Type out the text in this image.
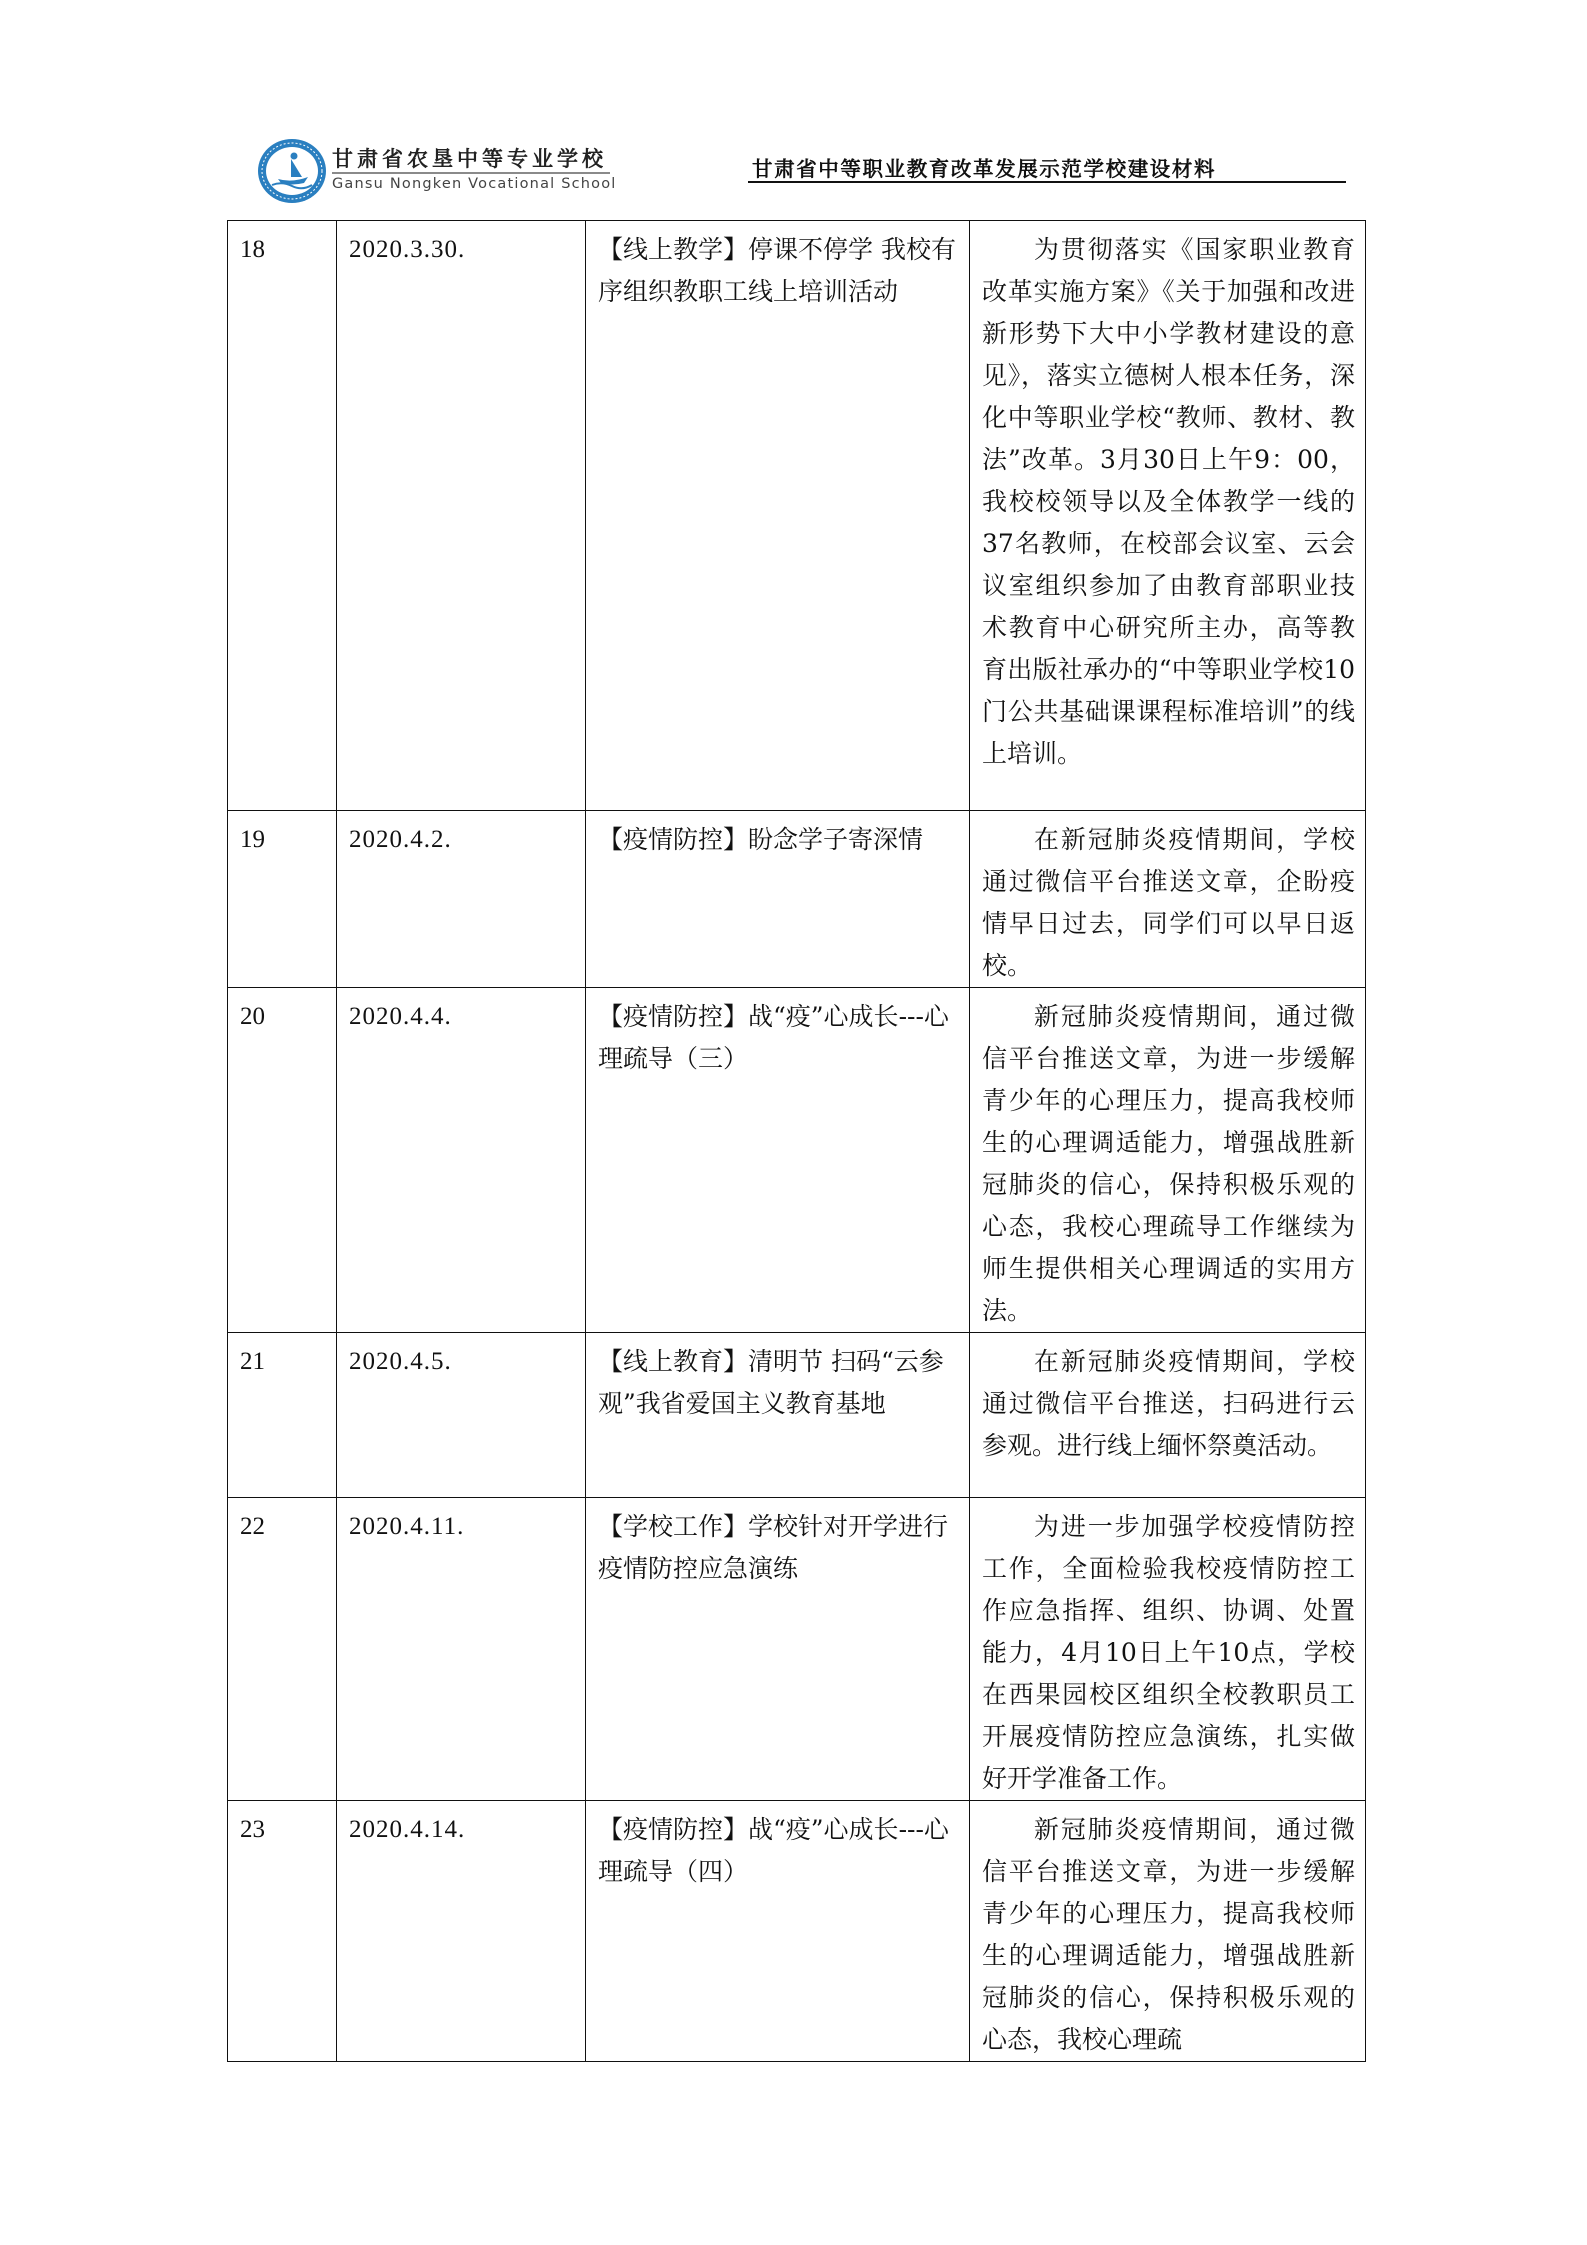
甘肃省农垦中等专业学校
Gansu Nongken Vocational School
甘肃省中等职业教育改革发展示范学校建设材料
18	2020.3.30.	【线上教学】停课不停学 我校有序组织教职工线上培训活动	为贯彻落实《国家职业教育改革实施方案》《关于加强和改进新形势下大中小学教材建设的意见》，落实立德树人根本任务，深化中等职业学校“教师、教材、教法”改革。3月30日上午9：00，我校校领导以及全体教学一线的37名教师，在校部会议室、云会议室组织参加了由教育部职业技术教育中心研究所主办，高等教育出版社承办的“中等职业学校10门公共基础课课程标准培训”的线上培训。
19	2020.4.2.	【疫情防控】盼念学子寄深情	在新冠肺炎疫情期间，学校通过微信平台推送文章，企盼疫情早日过去，同学们可以早日返校。
20	2020.4.4.	【疫情防控】战“疫”心成长---心理疏导（三）	新冠肺炎疫情期间，通过微信平台推送文章，为进一步缓解青少年的心理压力，提高我校师生的心理调适能力，增强战胜新冠肺炎的信心，保持积极乐观的心态，我校心理疏导工作继续为师生提供相关心理调适的实用方法。
21	2020.4.5.	【线上教育】清明节 扫码“云参观”我省爱国主义教育基地	在新冠肺炎疫情期间，学校通过微信平台推送，扫码进行云参观。进行线上缅怀祭奠活动。
22	2020.4.11.	【学校工作】学校针对开学进行疫情防控应急演练	为进一步加强学校疫情防控工作，全面检验我校疫情防控工作应急指挥、组织、协调、处置能力，4月10日上午10点，学校在西果园校区组织全校教职员工开展疫情防控应急演练，扎实做好开学准备工作。
23	2020.4.14.	【疫情防控】战“疫”心成长---心理疏导（四）	新冠肺炎疫情期间，通过微信平台推送文章，为进一步缓解青少年的心理压力，提高我校师生的心理调适能力，增强战胜新冠肺炎的信心，保持积极乐观的心态，我校心理疏
